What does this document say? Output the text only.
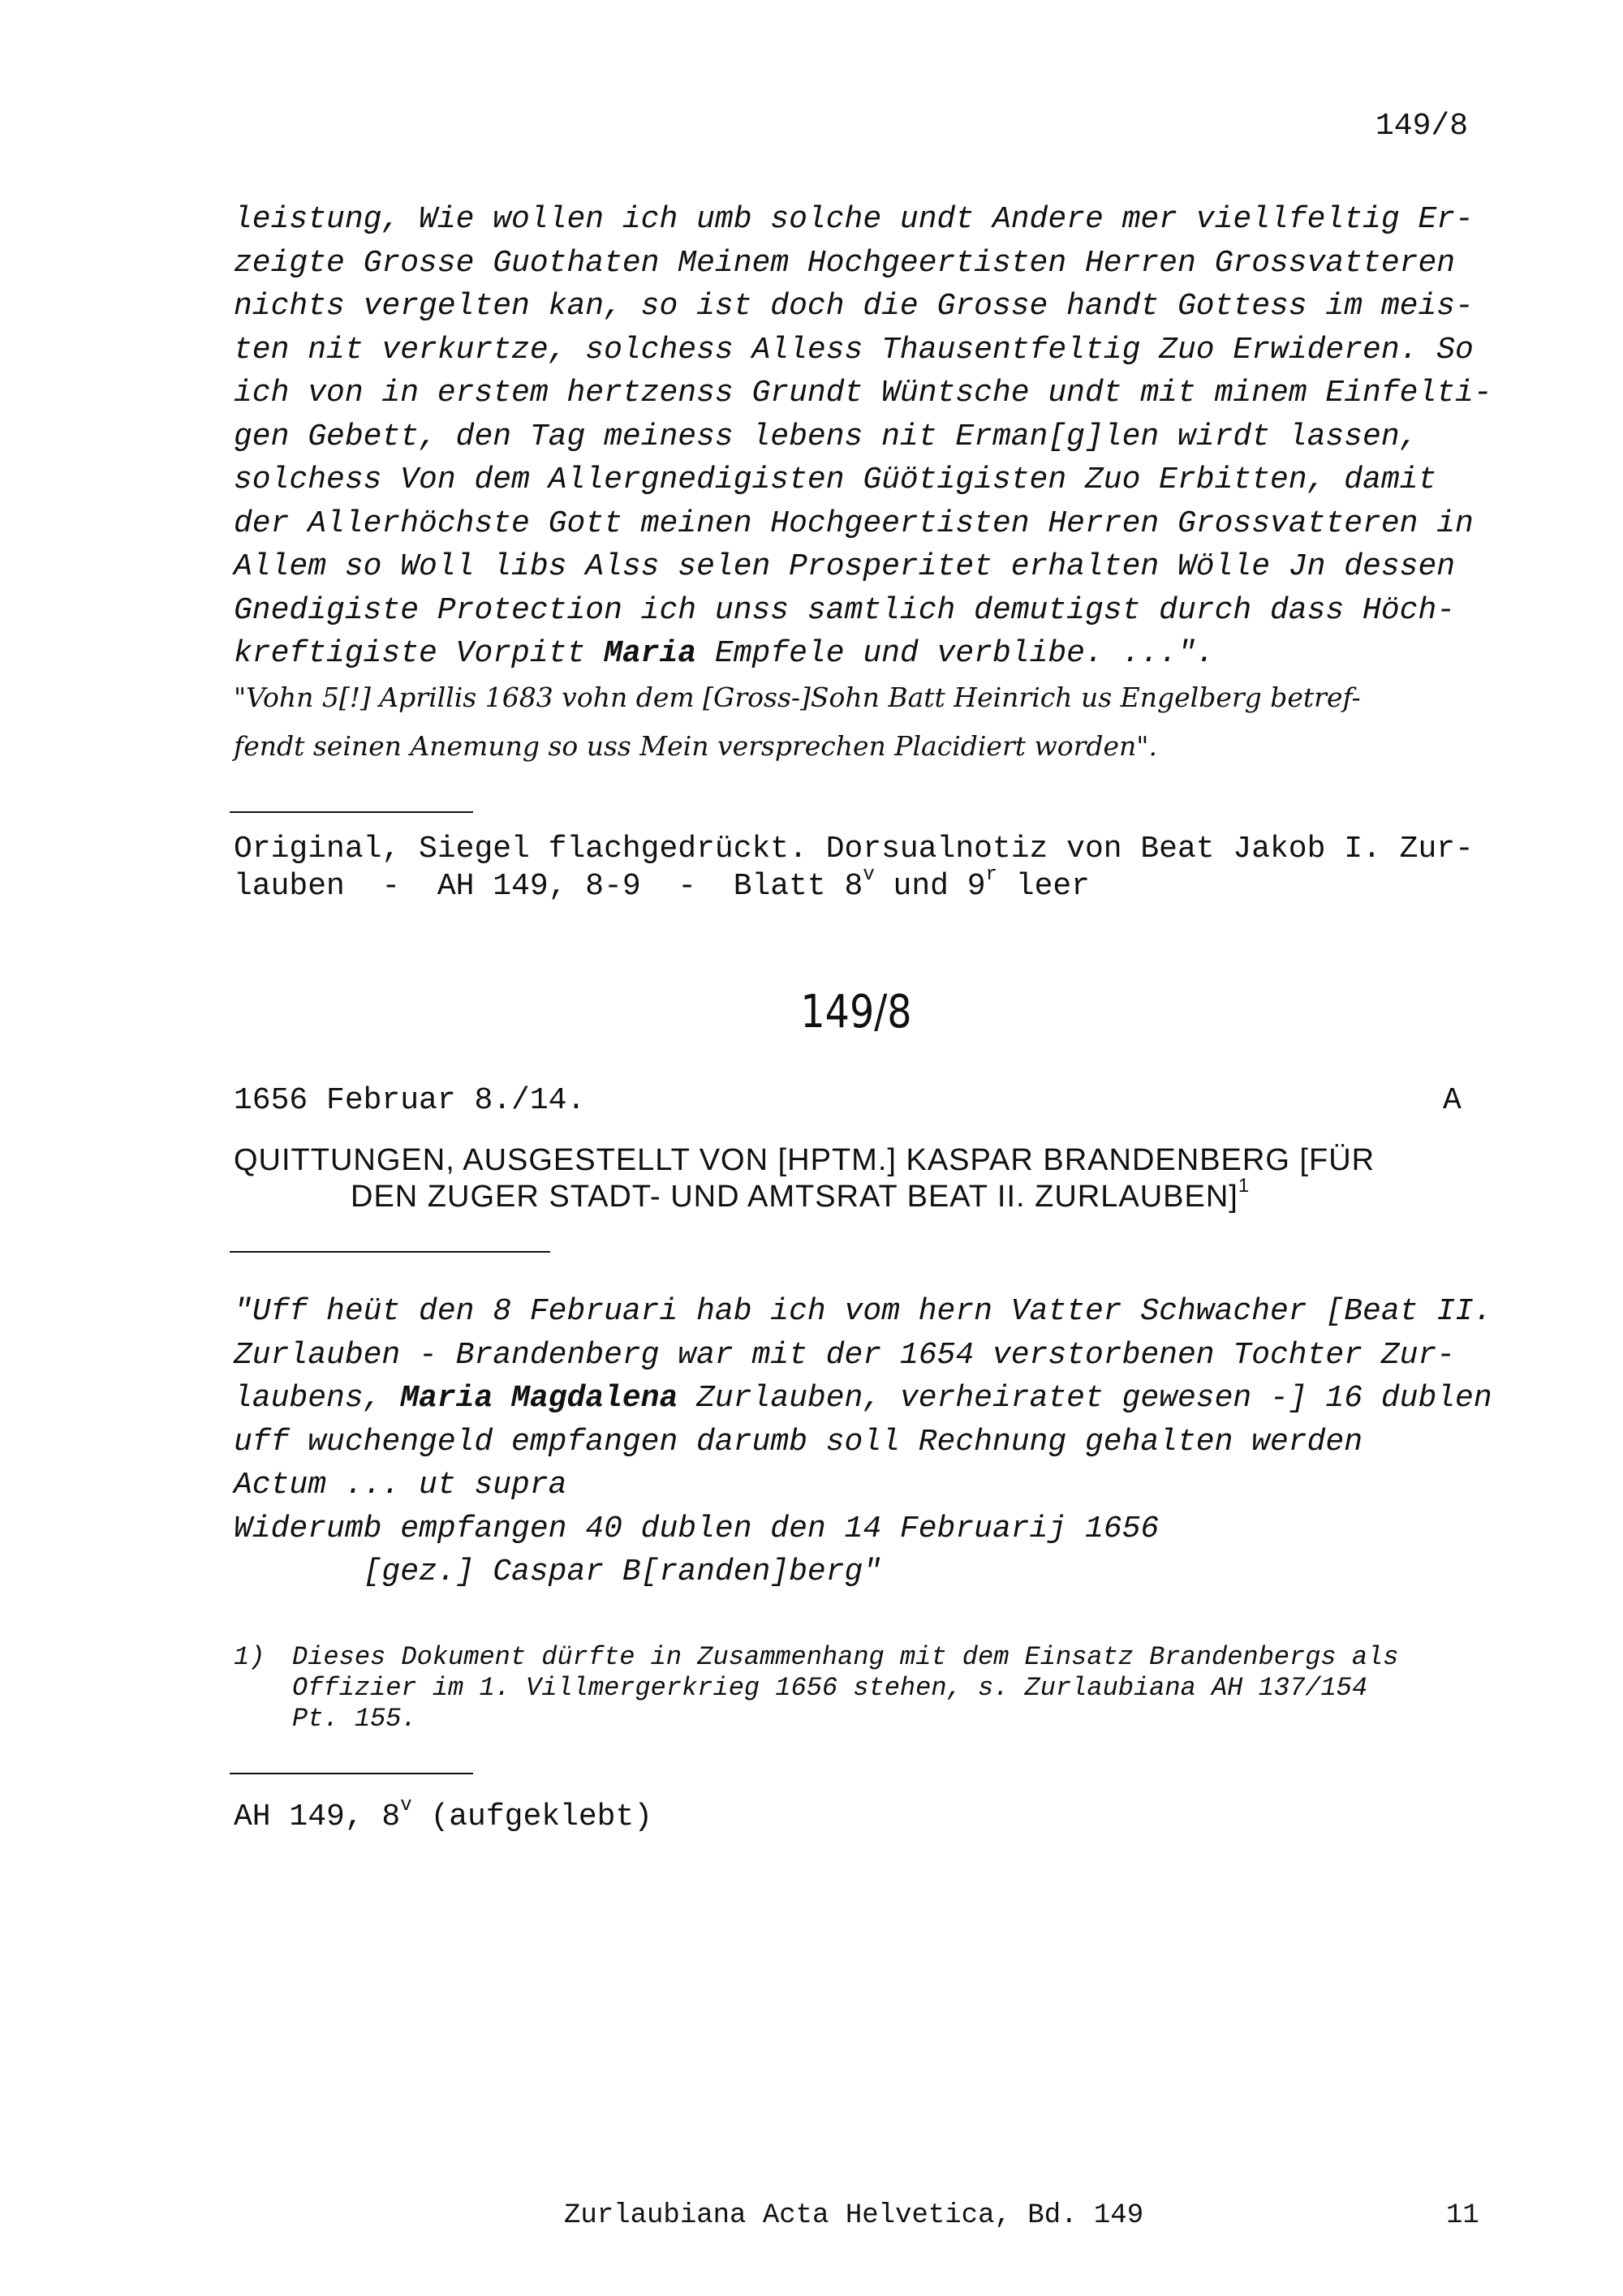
149/8
leistung, Wie wollen ich umb solche undt Andere mer viellfeltig Er-
zeigte Grosse Guothaten Meinem Hochgeertisten Herren Grossvatteren
nichts vergelten kan, so ist doch die Grosse handt Gottess im meis-
ten nit verkurtze, solchess Alless Thausentfeltig Zuo Erwideren. So
ich von in erstem hertzenss Grundt Wüntsche undt mit minem Einfelti-
gen Gebett, den Tag meiness lebens nit Erman[g]len wirdt lassen,
solchess Von dem Allergnedigisten Güötigisten Zuo Erbitten, damit
der Allerhöchste Gott meinen Hochgeertisten Herren Grossvatteren in
Allem so Woll libs Alss selen Prosperitet erhalten Wölle Jn dessen
Gnedigiste Protection ich unss samtlich demutigst durch dass Höch-
kreftigiste Vorpitt Maria Empfele und verblibe. ...".
"Vohn 5[!] Aprillis 1683 vohn dem [Gross-]Sohn Batt Heinrich us Engelberg betref-
fendt seinen Anemung so uss Mein versprechen Placidiert worden".
Original, Siegel flachgedrückt. Dorsualnotiz von Beat Jakob I. Zur-
lauben  -  AH 149, 8-9  -  Blatt 8$^v$ und 9$^r$ leer
149/8
1656 Februar 8./14.	A
QUITTUNGEN, AUSGESTELLT VON [HPTM.] KASPAR BRANDENBERG [FÜR
DEN ZUGER STADT- UND AMTSRAT BEAT II. ZURLAUBEN]$^1$
"Uff heüt den 8 Februari hab ich vom hern Vatter Schwacher [Beat II.
Zurlauben - Brandenberg war mit der 1654 verstorbenen Tochter Zur-
laubens, Maria Magdalena Zurlauben, verheiratet gewesen -] 16 dublen
uff wuchengeld empfangen darumb soll Rechnung gehalten werden
Actum ... ut supra
Widerumb empfangen 40 dublen den 14 Februarij 1656
[gez.] Caspar B[randen]berg"
1) Dieses Dokument dürfte in Zusammenhang mit dem Einsatz Brandenbergs als
Offizier im 1. Villmergerkrieg 1656 stehen, s. Zurlaubiana AH 137/154
Pt. 155.
AH 149, 8$^v$ (aufgeklebt)
Zurlaubiana Acta Helvetica, Bd. 149	11
